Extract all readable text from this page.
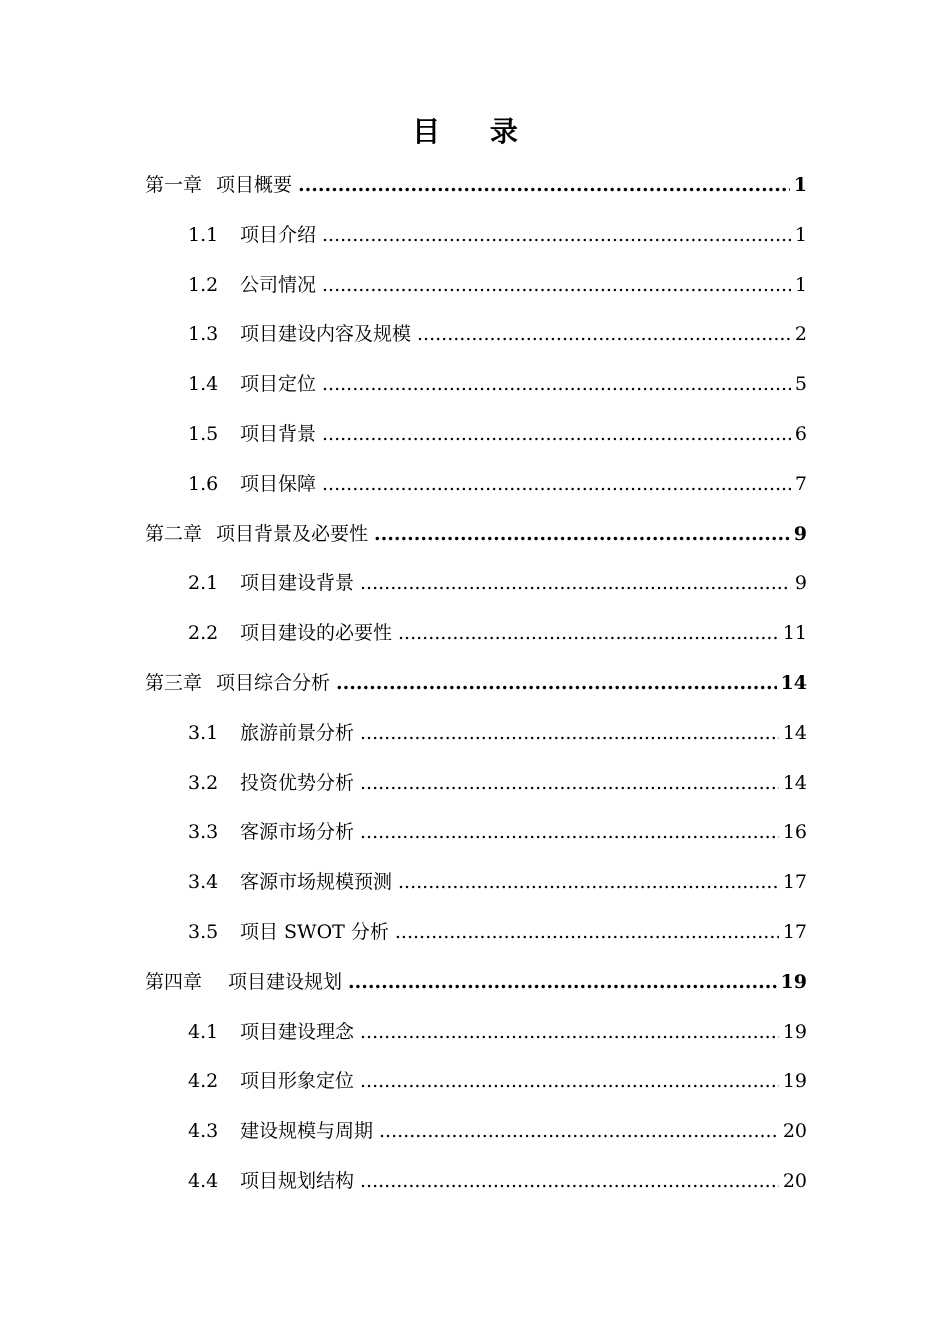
目 录
第一章 项目概要 .....	1
1.1	项目介绍 .....	1
1.2	公司情况 .....	1
1.3	项目建设内容及规模 .....	2
1.4	项目定位 .....	5
1.5	项目背景 .....	6
1.6	项目保障 .....	7
第二章 项目背景及必要性 .....	9
2.1	项目建设背景 .....	9
2.2	项目建设的必要性 .....	11
第三章 项目综合分析 .....	14
3.1	旅游前景分析 .....	14
3.2	投资优势分析 .....	14
3.3	客源市场分析 .....	16
3.4	客源市场规模预测 .....	17
3.5	项目 SWOT 分析 .....	17
第四章 项目建设规划 .....	19
4.1	项目建设理念 .....	19
4.2	项目形象定位 .....	19
4.3	建设规模与周期 .....	20
4.4	项目规划结构 .....	20
